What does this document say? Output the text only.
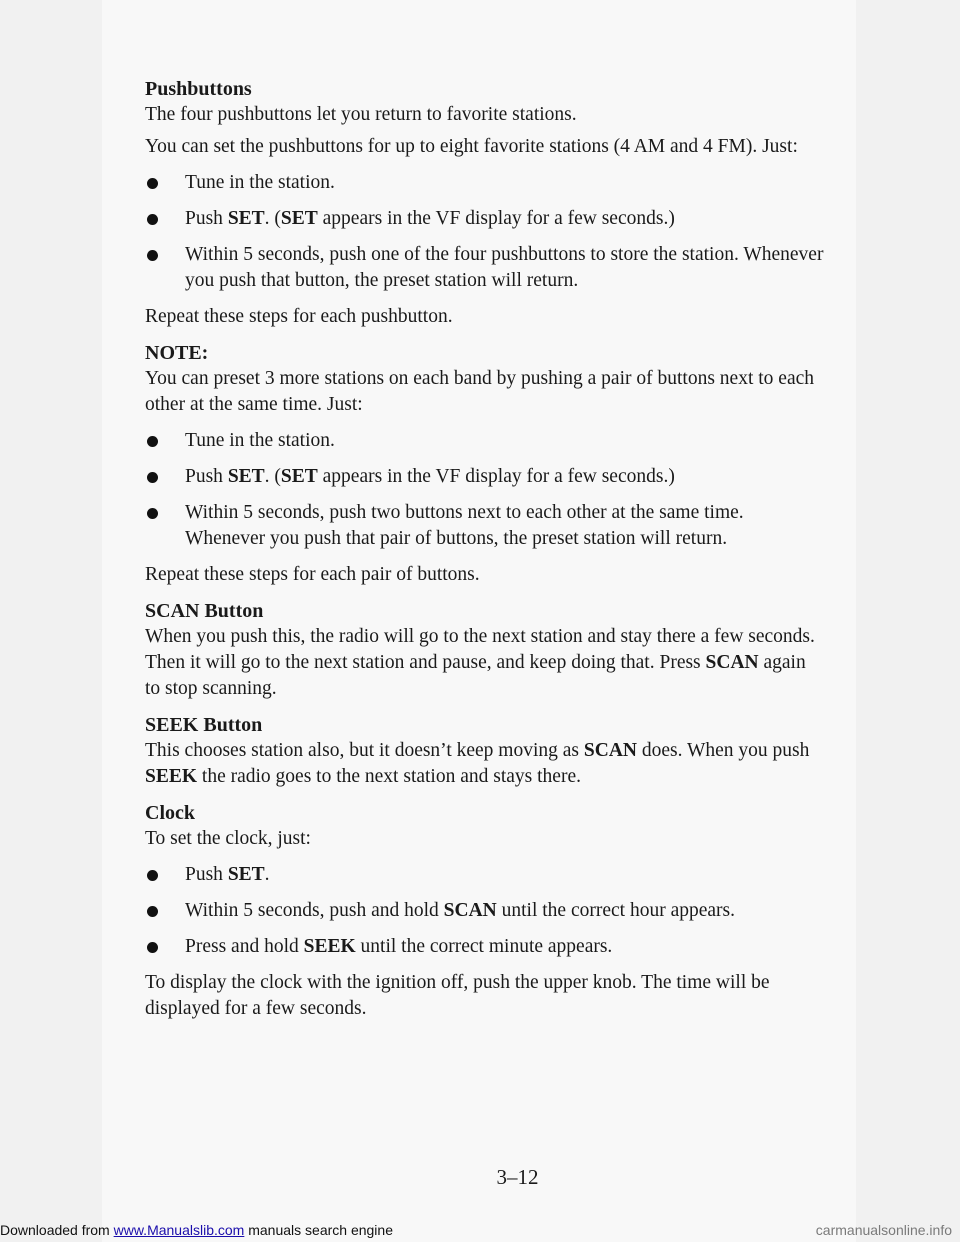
Pushbuttons
The four pushbuttons let you return to favorite stations.

You can set the pushbuttons for up to eight favorite stations (4 AM and 4 FM). Just:

Tune in the station.
Push SET. (SET appears in the VF display for a few seconds.)
Within 5 seconds, push one of the four pushbuttons to store the station. Whenever you push that button, the preset station will return.

Repeat these steps for each pushbutton.

NOTE:
You can preset 3 more stations on each band by pushing a pair of buttons next to each other at the same time. Just:
Tune in the station.
Push SET. (SET appears in the VF display for a few seconds.)
Within 5 seconds, push two buttons next to each other at the same time. Whenever you push that pair of buttons, the preset station will return.

Repeat these steps for each pair of buttons.

SCAN Button
When you push this, the radio will go to the next station and stay there a few seconds. Then it will go to the next station and pause, and keep doing that. Press SCAN again to stop scanning.
SEEK Button
This chooses station also, but it doesn’t keep moving as SCAN does. When you push SEEK the radio goes to the next station and stays there.
Clock
To set the clock, just:
Push SET.
Within 5 seconds, push and hold SCAN until the correct hour appears.
Press and hold SEEK until the correct minute appears.

To display the clock with the ignition off, push the upper knob. The time will be displayed for a few seconds.

3–12
Downloaded from www.Manualslib.com manuals search engine	carmanualsonline.info
